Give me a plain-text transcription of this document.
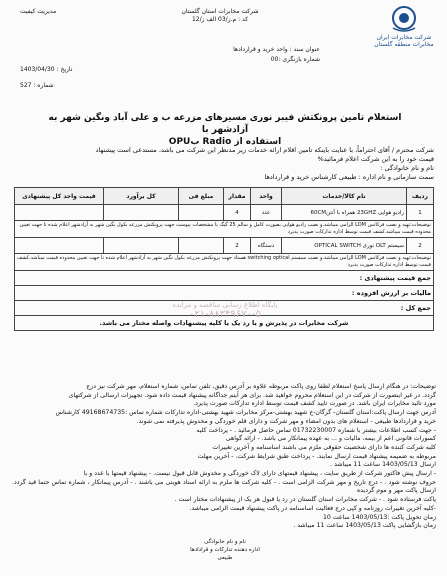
شرکت مخابرات ایران
مخابرات منطقه گلستان
شرکت مخابرات استان گلستان
کد : م.ز/03 الف ز/12
مدیریت کیفیت
عنوان سند : واحد خرید و قراردادها
شماره بازنگری :00
تاریخ : 1403/04/30
شماره : 527
استعلام تامین پرونکتش فیبر نوری مسیرهای مزرعه ب و علی آباد ونگین شهر به آزادشهر با
استفاده از Radio بOPU
شرکت محترم / آقای احتراماً، با عنایت باینکه تامین اقلام ارائه خدمات زیر مدنظر این شرکت می باشد، مستدعی است پیشنهاد
قیمت خود را به این شرکت اعلام فرمائید%
نام و نام خانوادگی :
سمت سازمانی و نام اداره : طبیعی کارشناس خرید و قراردادها
ردیف	نام کالا/خدمات	واحد	مقدار	مبلغ فی	کل برآورد	قیمت واحد کل پیشنهادی
1	رادیو هوایی 23GHZ همراه با آنتن60CM	عدد	4			
توضیحات:تهیه و نصب فرکانس LOM الزامی میباشد.و نصب رادیو هوایی بصورت کامل و سالم 25 گیگ با مشخصات پیوست جهت پرونکتش مزرعه بکول نگین شهر به آزادشهر اعلام شده تا جهت تعیین محدوده قیمت میباشد.کشف قیمت توسط اداره تدارکات صورت پذیرد						
2	سیستم OLT نوری OPTICAL SWITCH	دستگاه	2			
توضیحات:تهیه و نصب فرکانس LOM الزامی میباشد.و نصب سیستم switching optical هستاد جهت پرونکتش مزرعه بکول نگین شهر به آزادشهر اعلام شده تا جهت تعیین محدوده قیمت میباشد.کشف قیمت توسط اداره تدارکات صورت پذیرد						
جمع قیمت پیشنهادی :						
مالیات بر ارزش افزوده :						
جمع کل :						
شرکت مخابرات در پذیرش و یا رد یک یا کلیه پیشنهادات واصله مختار می باشد.						
پایگاه اطلاع رسانی مناقصه و مزایده
۰۲۱-۸۸۳۴۹۶۷۰-۵
توضیحات: در هنگام ارسال پاسخ استعلام لطفا روی پاکت مربوطه علاوه بر آدرس دقیق، تلفن تماس، شماره استعلام، مهر شرکت نیز درج
گردد. در غیر اینصورت از شرکت در این استعلام محروم خواهید شد. برای هر آیتم جداگانه پیشنهاد قیمت داده شود. تجهیزات ارسالی از شرکتهای
مورد تائید مخابرات ایران باشد. در صورت تایید کشف قیمت توسط اداره تدارکات صورت پذیرد.
آدرس جهت ارسال پاکت:استان گلستان- گرگان-خ شهید بهشتی-مرکز مخابرات شهید بهشتی-اداره تدارکات شماره تماس :49168674735 کارشناس
خرید و قراردادها طبیعی - استعلام های بدون امضاء و مهر شرکت و دارای قلم خوردگی و مخدوش پذیرفته نمی شوند.
- جهت کسب اطلاعات بیشتر با شماره 01732230007 تماس حاصل فرمائید . - پرداخت کلیه
کسورات قانونی اعم از بیمه، مالیات و ... به عهده پیمانکار می باشد. - ارائه گواهی
کلیه شرکت کننده ها دارای شخصیت حقوقی ملزم می باشند اساسنامه و آخرین تغییرات
مربوطه به ضمیمه پیشنهاد قیمت ارسال نمایند. - پرداخت طبق شرایط شرکت. - آخرین مهلت
ارسال 1403/05/13 ساعت 11 میباشد .
- ارسال پیش فاکتور شرکت از طریق سایت ، پیشنهاد قیمتهای دارای لاک خوردگی و مخدوش قابل قبول نیست. - پیشنهاد قیمتها با عدد و با
حروف نوشته شود . - درج تاریخ و مهر شرکت الزامی است . - کلیه شرکت ها ملزم به ارائه اسناد هویتی می باشند . - آدرس پیمانکار ، شماره تماس حتما قید گردد. ارسال پاکت مهر و موم گردیده
پاکت فرستاده شود . - شرکت مخابرات استان گلستان در رد یا قبول هر یک از پیشنهادات مختار است .
-کلیه آخرین تغییرات روزنامه و کپی درج فعالیت اساسنامه در پاکت پیشنهاد قیمت الزامی میباشد.
زمان تحویل پاکت :1403/05/13 ساعت 10
زمان بازگشایی پاکت 1403/05/13 ساعت 11 میباشد .
نام و نام خانوادگی
اداره دهنده تدارکات و قرادادها
طبیعی
